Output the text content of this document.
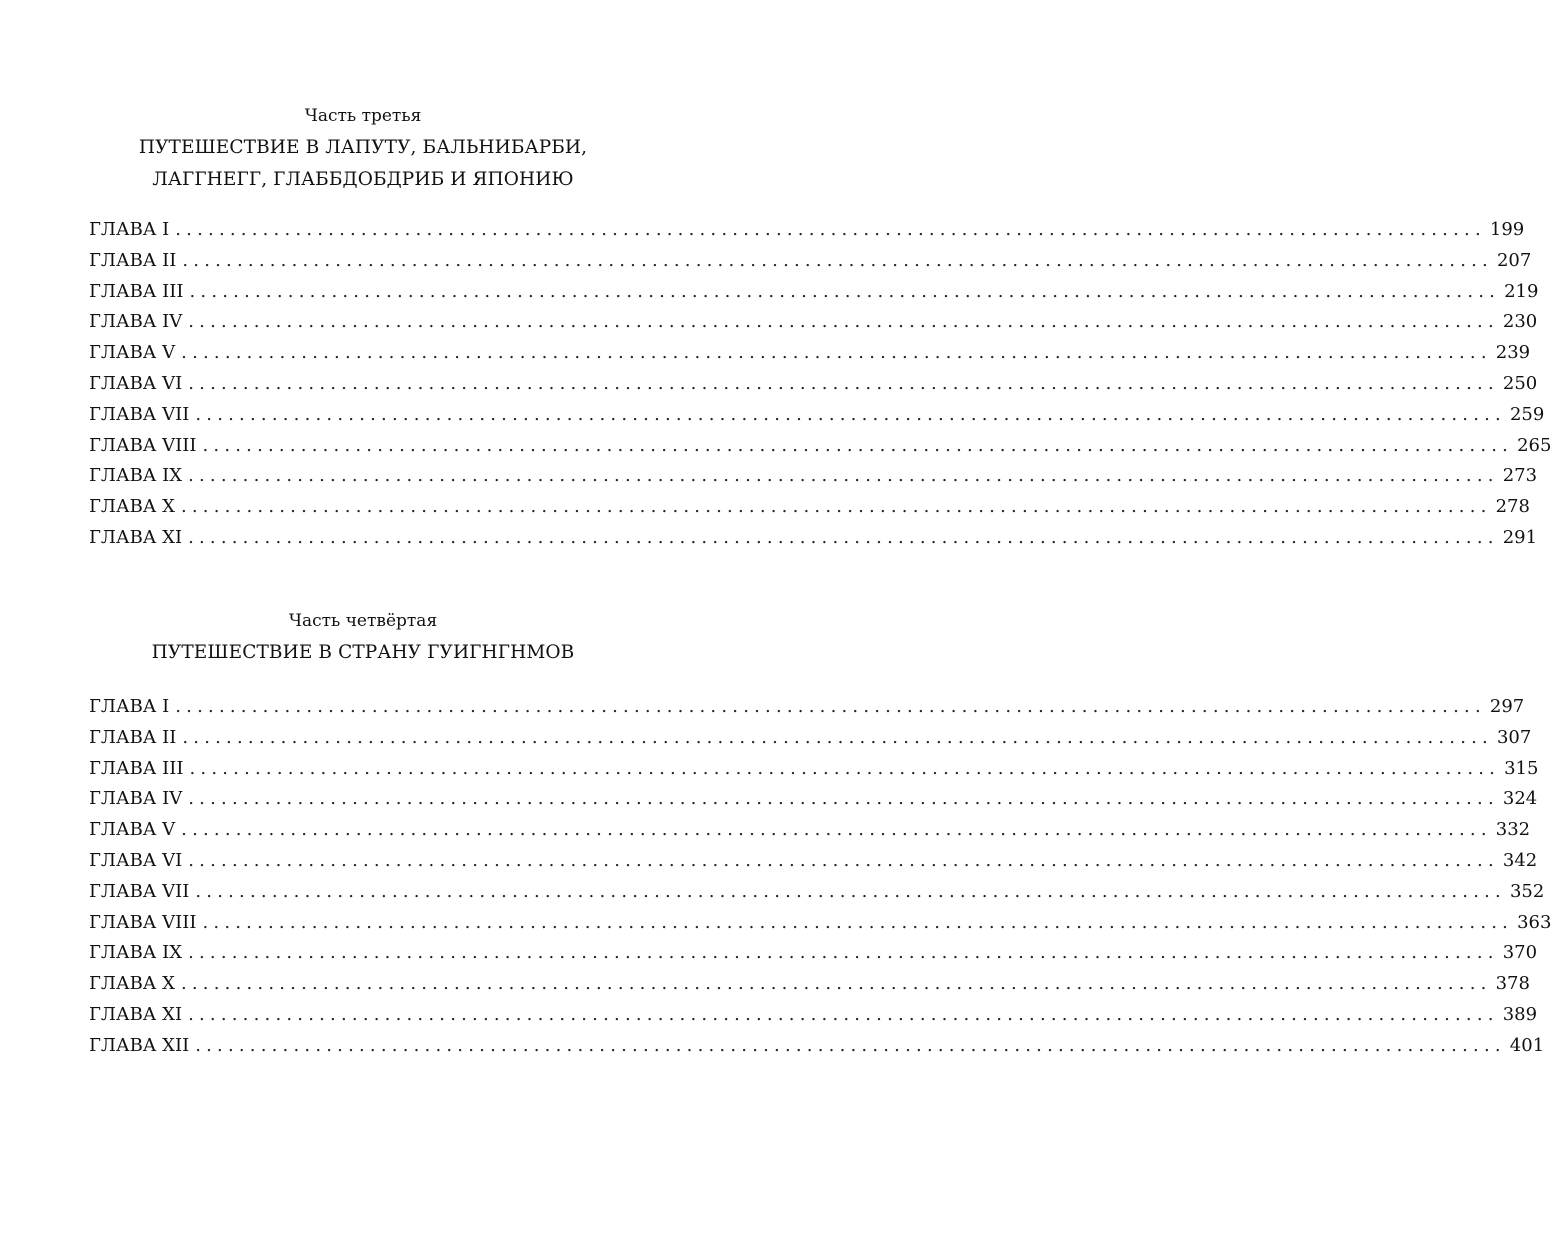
Часть третья

ПУТЕШЕСТВИЕ В ЛАПУТУ, БАЛЬНИБАРБИ,

ЛАГГНЕГГ, ГЛАББДОБДРИБ И ЯПОНИЮ

ГЛАВА I ........................................................................................................................ 199
ГЛАВА II ........................................................................................................................ 207
ГЛАВА III ........................................................................................................................ 219
ГЛАВА IV ........................................................................................................................ 230
ГЛАВА V ........................................................................................................................ 239
ГЛАВА VI ........................................................................................................................ 250
ГЛАВА VII ........................................................................................................................ 259
ГЛАВА VIII ........................................................................................................................ 265
ГЛАВА IX ........................................................................................................................ 273
ГЛАВА X ........................................................................................................................ 278
ГЛАВА XI ........................................................................................................................ 291

Часть четвёртая

ПУТЕШЕСТВИЕ В СТРАНУ ГУИГНГНМОВ

ГЛАВА I ........................................................................................................................ 297
ГЛАВА II ........................................................................................................................ 307
ГЛАВА III ........................................................................................................................ 315
ГЛАВА IV ........................................................................................................................ 324
ГЛАВА V ........................................................................................................................ 332
ГЛАВА VI ........................................................................................................................ 342
ГЛАВА VII ........................................................................................................................ 352
ГЛАВА VIII ........................................................................................................................ 363
ГЛАВА IX ........................................................................................................................ 370
ГЛАВА X ........................................................................................................................ 378
ГЛАВА XI ........................................................................................................................ 389
ГЛАВА XII ........................................................................................................................ 401
